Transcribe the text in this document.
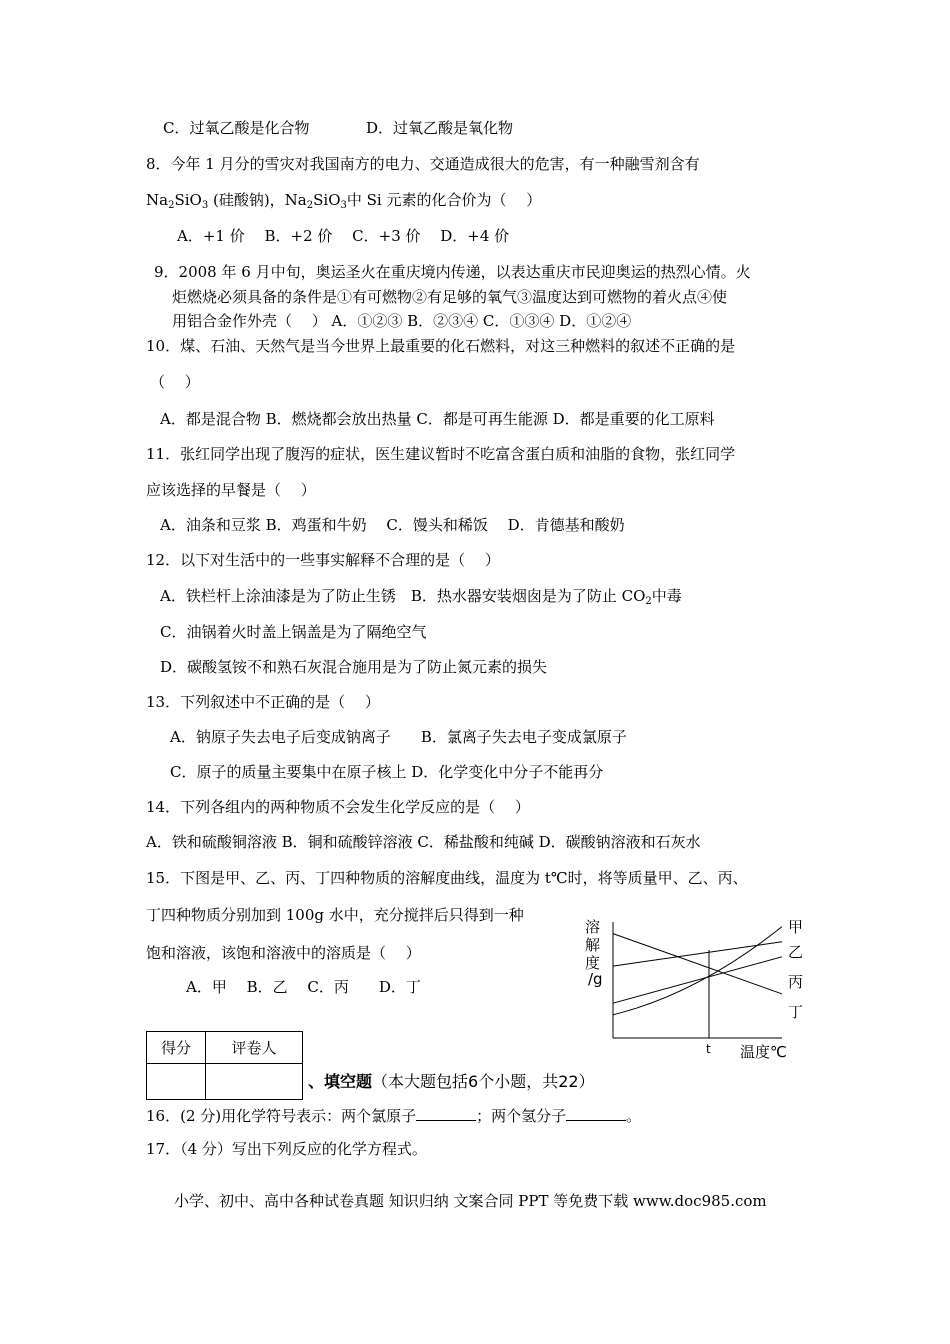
C．过氧乙酸是化合物	D．过氧乙酸是氧化物
8．今年 1 月分的雪灾对我国南方的电力、交通造成很大的危害，有一种融雪剂含有
$Na_2SiO_3$ (硅酸钠)，$Na_2SiO_3$中 Si 元素的化合价为（　 ）
A．+1 价　 B．+2 价　 C．+3 价　 D．+4 价
9．2008 年 6 月中旬，奥运圣火在重庆境内传递，以表达重庆市民迎奥运的热烈心情。火
炬燃烧必须具备的条件是①有可燃物②有足够的氧气③温度达到可燃物的着火点④使
用铝合金作外壳（　 ） A．①②③ B．②③④ C．①③④ D．①②④
10．煤、石油、天然气是当今世界上最重要的化石燃料，对这三种燃料的叙述不正确的是
（　 ）
A．都是混合物 B．燃烧都会放出热量 C．都是可再生能源 D．都是重要的化工原料
11．张红同学出现了腹泻的症状，医生建议暂时不吃富含蛋白质和油脂的食物，张红同学
应该选择的早餐是（　 ）
A．油条和豆浆 B．鸡蛋和牛奶　 C．馒头和稀饭　 D．肯德基和酸奶
12．以下对生活中的一些事实解释不合理的是（　 ）
A．铁栏杆上涂油漆是为了防止生锈　B．热水器安装烟囱是为了防止 $CO_2$中毒
C．油锅着火时盖上锅盖是为了隔绝空气
D．碳酸氢铵不和熟石灰混合施用是为了防止氮元素的损失
13．下列叙述中不正确的是（　 ）
A．钠原子失去电子后变成钠离子　　B．氯离子失去电子变成氯原子
C．原子的质量主要集中在原子核上 D．化学变化中分子不能再分
14．下列各组内的两种物质不会发生化学反应的是（　 ）
A．铁和硫酸铜溶液 B．铜和硫酸锌溶液 C．稀盐酸和纯碱 D．碳酸钠溶液和石灰水
15．下图是甲、乙、丙、丁四种物质的溶解度曲线，温度为 t℃时，将等质量甲、乙、丙、
丁四种物质分别加到 100g 水中，充分搅拌后只得到一种
饱和溶液，该饱和溶液中的溶质是（　 ）
A．甲　 B．乙　 C．丙　　D．丁
甲
乙
丙
丁
溶
解
度
/g
t 温度℃
得分	评卷人

、填空题（本大题包括6个小题，共22）
16．(2 分)用化学符号表示：两个氯原子	；两个氢分子	。
17．（4 分）写出下列反应的化学方程式。
小学、初中、高中各种试卷真题 知识归纳 文案合同 PPT 等免费下载 www.doc985.com
